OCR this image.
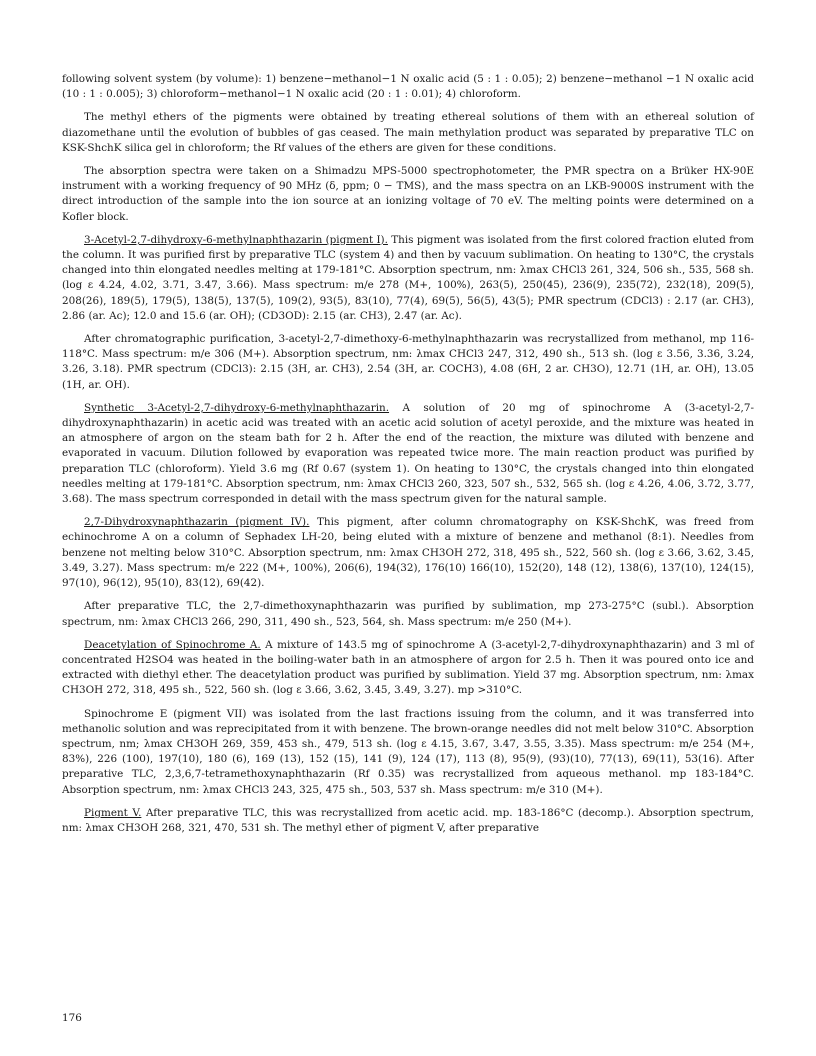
following solvent system (by volume): 1) benzene−methanol−1 N oxalic acid (5 : 1 : 0.05); 2) benzene−methanol −1 N oxalic acid (10 : 1 : 0.005); 3) chloroform−methanol−1 N oxalic acid (20 : 1 : 0.01); 4) chloroform.

The methyl ethers of the pigments were obtained by treating ethereal solutions of them with an ethereal solution of diazomethane until the evolution of bubbles of gas ceased. The main methylation product was separated by preparative TLC on KSK-ShchK silica gel in chloroform; the Rf values of the ethers are given for these conditions.

The absorption spectra were taken on a Shimadzu MPS-5000 spectrophotometer, the PMR spectra on a Brüker HX-90E instrument with a working frequency of 90 MHz (δ, ppm; 0 − TMS), and the mass spectra on an LKB-9000S instrument with the direct introduction of the sample into the ion source at an ionizing voltage of 70 eV. The melting points were determined on a Kofler block.

3-Acetyl-2,7-dihydroxy-6-methylnaphthazarin (pigment I). This pigment was isolated from the first colored fraction eluted from the column. It was purified first by preparative TLC (system 4) and then by vacuum sublimation. On heating to 130°C, the crystals changed into thin elongated needles melting at 179-181°C. Absorption spectrum, nm: λmax CHCl3 261, 324, 506 sh., 535, 568 sh. (log ε 4.24, 4.02, 3.71, 3.47, 3.66). Mass spectrum: m/e 278 (M+, 100%), 263(5), 250(45), 236(9), 235(72), 232(18), 209(5), 208(26), 189(5), 179(5), 138(5), 137(5), 109(2), 93(5), 83(10), 77(4), 69(5), 56(5), 43(5); PMR spectrum (CDCl3) : 2.17 (ar. CH3), 2.86 (ar. Ac); 12.0 and 15.6 (ar. OH); (CD3OD): 2.15 (ar. CH3), 2.47 (ar. Ac).

After chromatographic purification, 3-acetyl-2,7-dimethoxy-6-methylnaphthazarin was recrystallized from methanol, mp 116-118°C. Mass spectrum: m/e 306 (M+). Absorption spectrum, nm: λmax CHCl3 247, 312, 490 sh., 513 sh. (log ε 3.56, 3.36, 3.24, 3.26, 3.18). PMR spectrum (CDCl3): 2.15 (3H, ar. CH3), 2.54 (3H, ar. COCH3), 4.08 (6H, 2 ar. CH3O), 12.71 (1H, ar. OH), 13.05 (1H, ar. OH).

Synthetic 3-Acetyl-2,7-dihydroxy-6-methylnaphthazarin. A solution of 20 mg of spinochrome A (3-acetyl-2,7-dihydroxynaphthazarin) in acetic acid was treated with an acetic acid solution of acetyl peroxide, and the mixture was heated in an atmosphere of argon on the steam bath for 2 h. After the end of the reaction, the mixture was diluted with benzene and evaporated in vacuum. Dilution followed by evaporation was repeated twice more. The main reaction product was purified by preparation TLC (chloroform). Yield 3.6 mg (Rf 0.67 (system 1). On heating to 130°C, the crystals changed into thin elongated needles melting at 179-181°C. Absorption spectrum, nm: λmax CHCl3 260, 323, 507 sh., 532, 565 sh. (log ε 4.26, 4.06, 3.72, 3.77, 3.68). The mass spectrum corresponded in detail with the mass spectrum given for the natural sample.

2,7-Dihydroxynaphthazarin (pigment IV). This pigment, after column chromatography on KSK-ShchK, was freed from echinochrome A on a column of Sephadex LH-20, being eluted with a mixture of benzene and methanol (8:1). Needles from benzene not melting below 310°C. Absorption spectrum, nm: λmax CH3OH 272, 318, 495 sh., 522, 560 sh. (log ε 3.66, 3.62, 3.45, 3.49, 3.27). Mass spectrum: m/e 222 (M+, 100%), 206(6), 194(32), 176(10) 166(10), 152(20), 148 (12), 138(6), 137(10), 124(15), 97(10), 96(12), 95(10), 83(12), 69(42).

After preparative TLC, the 2,7-dimethoxynaphthazarin was purified by sublimation, mp 273-275°C (subl.). Absorption spectrum, nm: λmax CHCl3 266, 290, 311, 490 sh., 523, 564, sh. Mass spectrum: m/e 250 (M+).

Deacetylation of Spinochrome A. A mixture of 143.5 mg of spinochrome A (3-acetyl-2,7-dihydroxynaphthazarin) and 3 ml of concentrated H2SO4 was heated in the boiling-water bath in an atmosphere of argon for 2.5 h. Then it was poured onto ice and extracted with diethyl ether. The deacetylation product was purified by sublimation. Yield 37 mg. Absorption spectrum, nm: λmax CH3OH 272, 318, 495 sh., 522, 560 sh. (log ε 3.66, 3.62, 3.45, 3.49, 3.27). mp >310°C.

Spinochrome E (pigment VII) was isolated from the last fractions issuing from the column, and it was transferred into methanolic solution and was reprecipitated from it with benzene. The brown-orange needles did not melt below 310°C. Absorption spectrum, nm; λmax CH3OH 269, 359, 453 sh., 479, 513 sh. (log ε 4.15, 3.67, 3.47, 3.55, 3.35). Mass spectrum: m/e 254 (M+, 83%), 226 (100), 197(10), 180 (6), 169 (13), 152 (15), 141 (9), 124 (17), 113 (8), 95(9), (93)(10), 77(13), 69(11), 53(16). After preparative TLC, 2,3,6,7-tetramethoxynaphthazarin (Rf 0.35) was recrystallized from aqueous methanol. mp 183-184°C. Absorption spectrum, nm: λmax CHCl3 243, 325, 475 sh., 503, 537 sh. Mass spectrum: m/e 310 (M+).

Pigment V. After preparative TLC, this was recrystallized from acetic acid. mp. 183-186°C (decomp.). Absorption spectrum, nm: λmax CH3OH 268, 321, 470, 531 sh. The methyl ether of pigment V, after preparative

176
